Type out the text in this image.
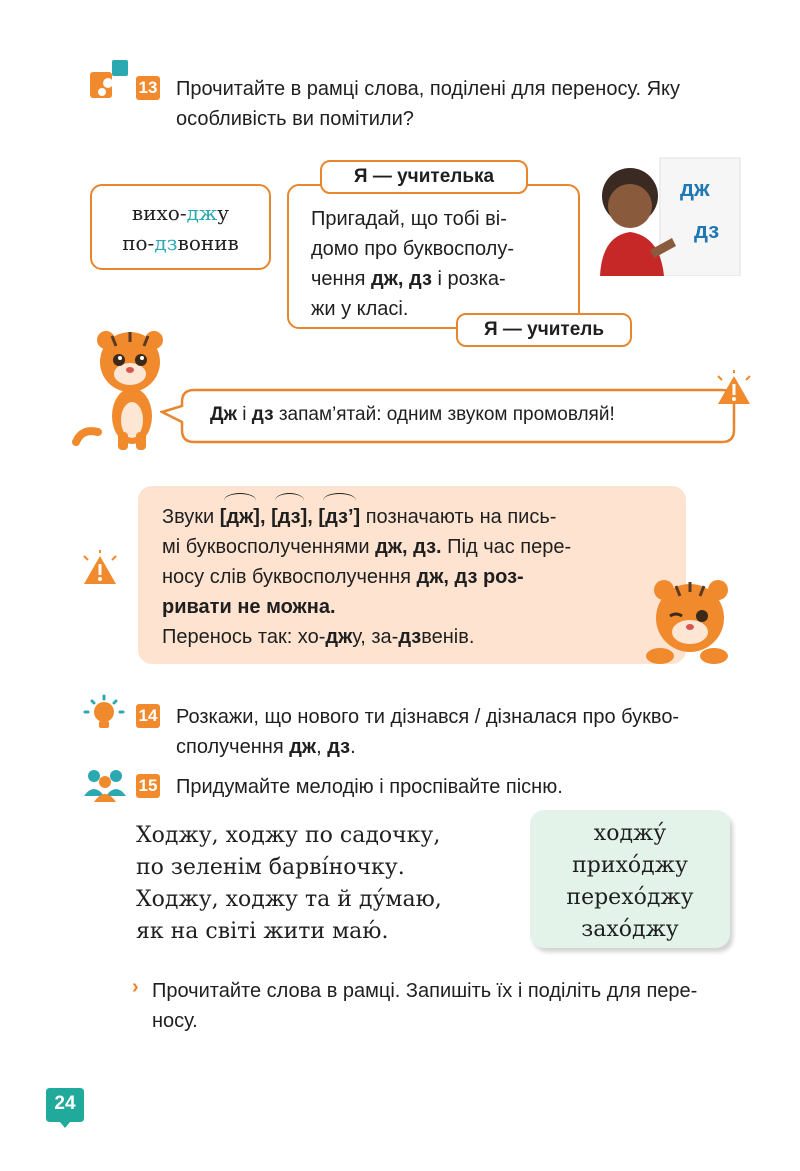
13 Прочитайте в рамці слова, поділені для переносу. Яку
особливість ви помітили?
вихо-джу
по-дзвонив
Пригадай, що тобі ві-
домо про буквосполу-
чення дж, дз і розка-
жи у класі.
Я — учителька
Я — учитель
дж
дз
Дж і дз запам’ятай: одним звуком промовляй!
Звуки [дж], [дз], [дз’] позначають на пись-
мі буквосполученнями дж, дз. Під час пере-
носу слів буквосполучення дж, дз роз-
ривати не можна.
Перенось так: хо-джу, за-дзвенів.
14 Розкажи, що нового ти дізнався / дізналася про букво-
сполучення дж, дз.
15 Придумайте мелодію і проспівайте пісню.
Ходжу, ходжу по садочку,
по зеленім барві́ночку.
Ходжу, ходжу та й ду́маю,
як на світі жити маю́.
ходжу́
прихо́джу
перехо́джу
захо́джу
› Прочитайте слова в рамці. Запишіть їх і поділіть для пере-
носу.
24
